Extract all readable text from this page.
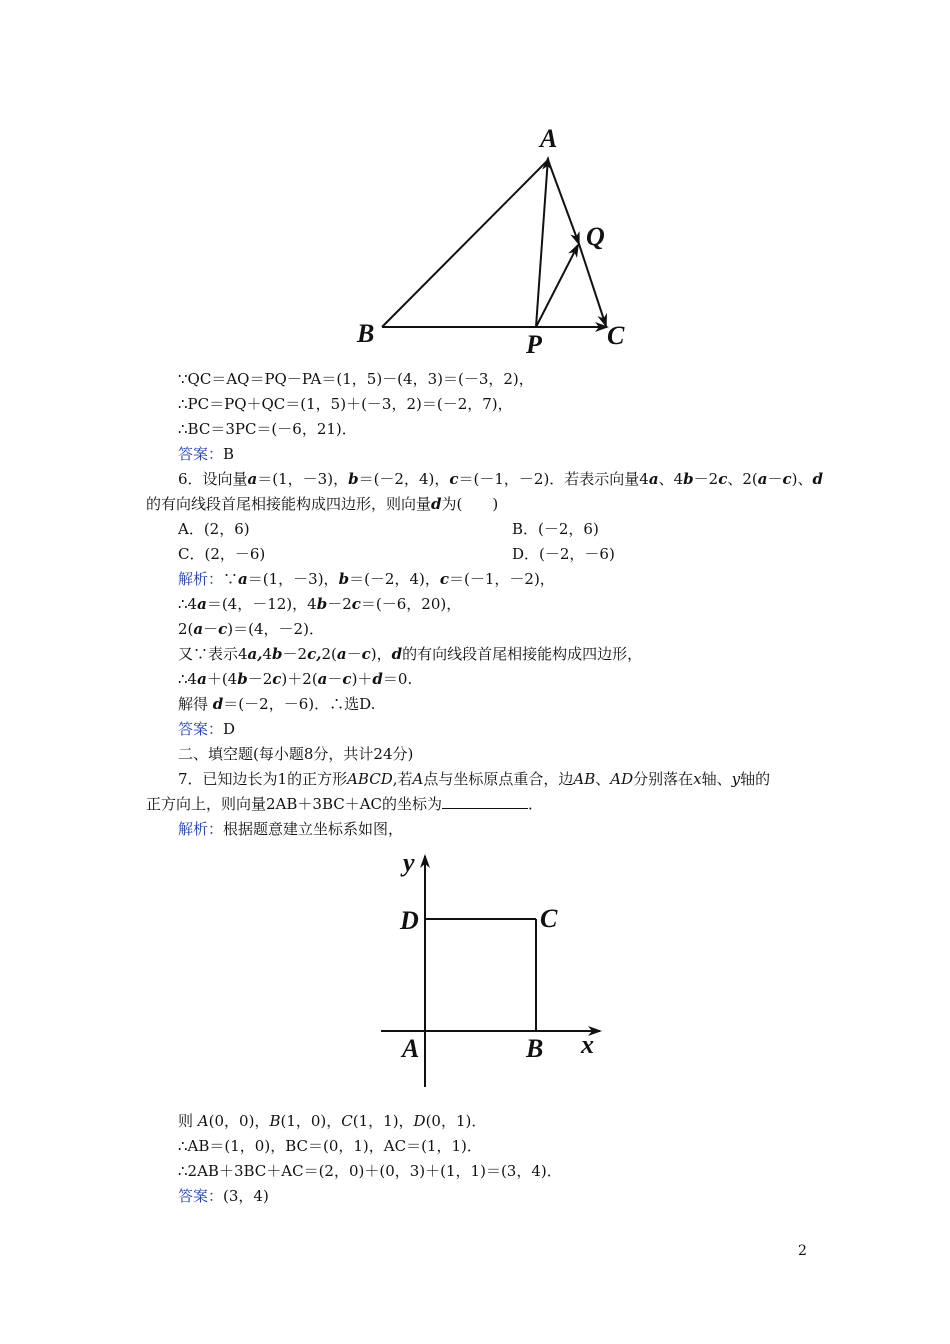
A
Q
B	P	C
∵QC＝AQ＝PQ－PA＝(1，5)－(4，3)＝(－3，2)，
∴PC＝PQ＋QC＝(1，5)＋(－3，2)＝(－2，7)，
∴BC＝3PC＝(－6，21)．
答案：B
6．设向量a＝(1，－3)，b＝(－2，4)，c＝(－1，－2)．若表示向量4a、4b－2c、2(a－c)、d
的有向线段首尾相接能构成四边形，则向量d为(　　)
A．(2，6)	B．(－2，6)
C．(2，－6)	D．(－2，－6)
解析：∵a＝(1，－3)，b＝(－2，4)，c＝(－1，－2)，
∴4a＝(4，－12)，4b－2c＝(－6，20)，
2(a－c)＝(4，－2)．
又∵表示4a,4b－2c,2(a－c)，d的有向线段首尾相接能构成四边形，
∴4a＋(4b－2c)＋2(a－c)＋d＝0.
解得 d＝(－2，－6)．∴选D.
答案：D
二、填空题(每小题8分，共计24分)
7．已知边长为1的正方形ABCD,若A点与坐标原点重合，边AB、AD分别落在x轴、y轴的
正方向上，则向量2AB＋3BC＋AC的坐标为	．
解析：根据题意建立坐标系如图，
y
D	C
A	B x
则 A(0，0)，B(1，0)，C(1，1)，D(0，1)．
∴AB＝(1，0)，BC＝(0，1)，AC＝(1，1)．
∴2AB＋3BC＋AC＝(2，0)＋(0，3)＋(1，1)＝(3，4)．
答案：(3，4)
2
